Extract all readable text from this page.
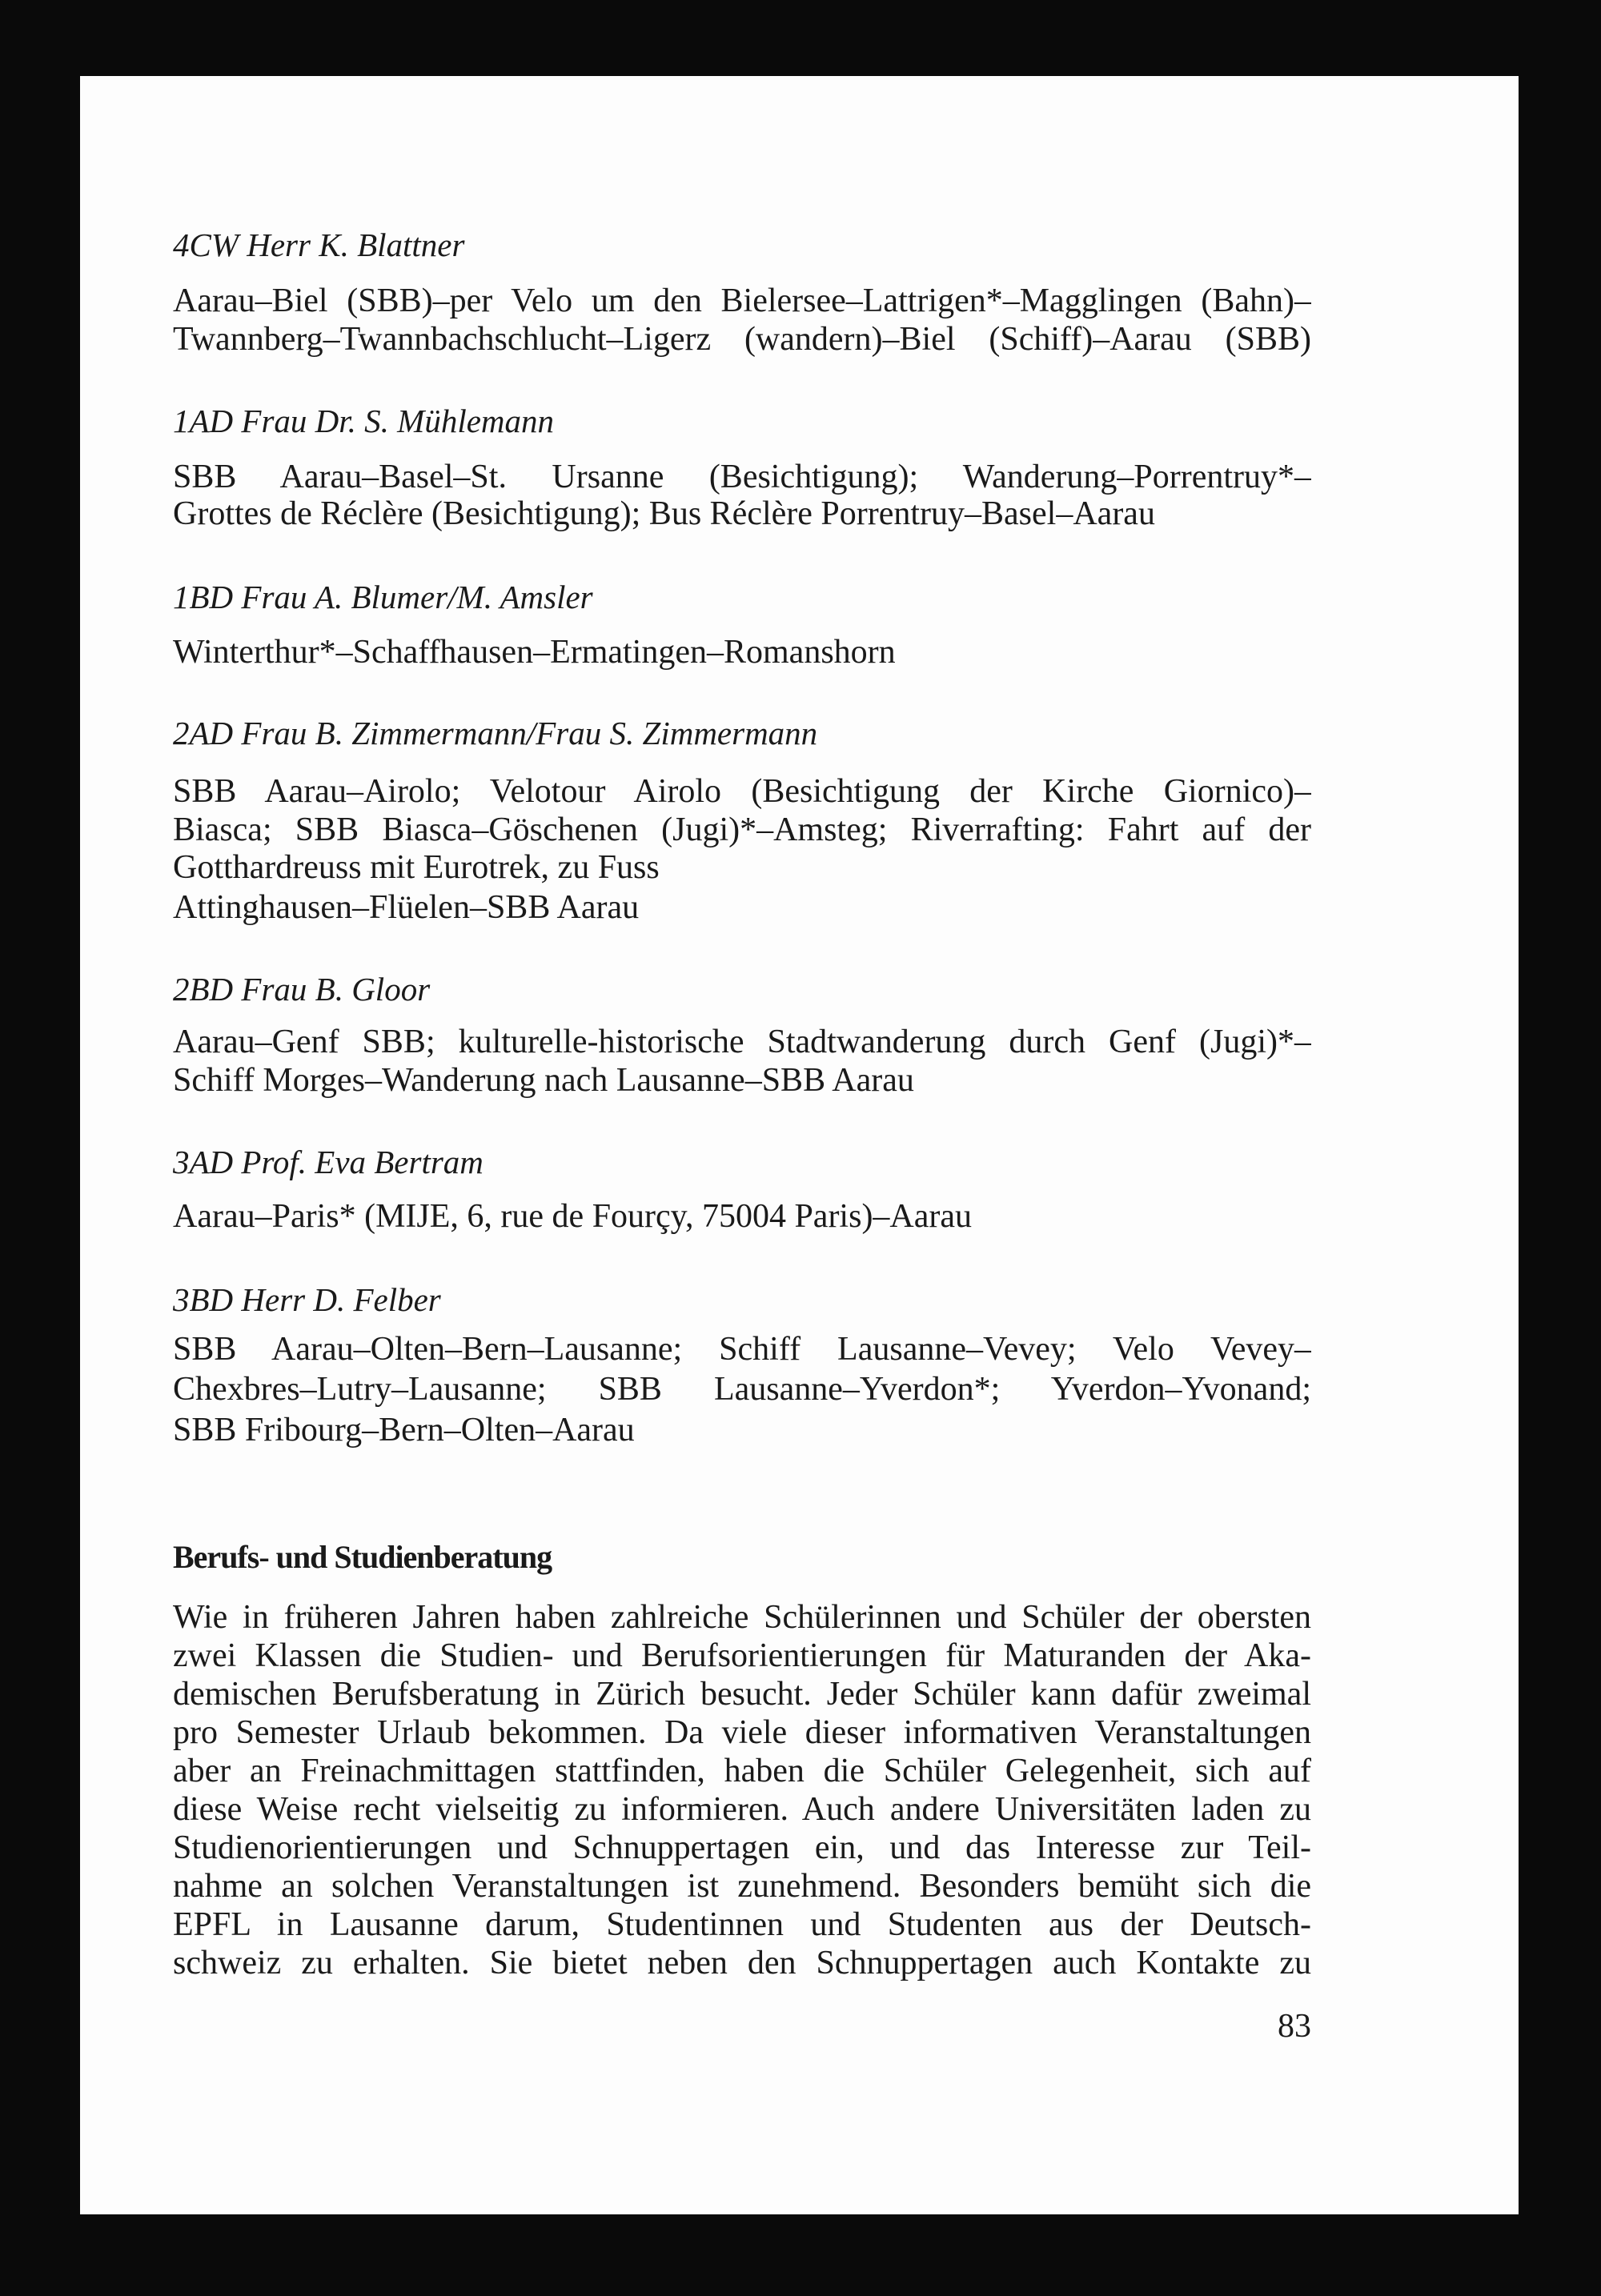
4CW Herr K. Blattner
Aarau–Biel (SBB)–per Velo um den Bielersee–Lattrigen*–Magglingen (Bahn)–
Twannberg–Twannbachschlucht–Ligerz (wandern)–Biel (Schiff)–Aarau (SBB)
1AD Frau Dr. S. Mühlemann
SBB Aarau–Basel–St. Ursanne (Besichtigung); Wanderung–Porrentruy*–
Grottes de Réclère (Besichtigung); Bus Réclère Porrentruy–Basel–Aarau
1BD Frau A. Blumer/M. Amsler
Winterthur*–Schaffhausen–Ermatingen–Romanshorn
2AD Frau B. Zimmermann/Frau S. Zimmermann
SBB Aarau–Airolo; Velotour Airolo (Besichtigung der Kirche Giornico)–
Biasca; SBB Biasca–Göschenen (Jugi)*–Amsteg; Riverrafting: Fahrt auf der
Gotthardreuss mit Eurotrek, zu Fuss
Attinghausen–Flüelen–SBB Aarau
2BD Frau B. Gloor
Aarau–Genf SBB; kulturelle-historische Stadtwanderung durch Genf (Jugi)*–
Schiff Morges–Wanderung nach Lausanne–SBB Aarau
3AD Prof. Eva Bertram
Aarau–Paris* (MIJE, 6, rue de Fourçy, 75004 Paris)–Aarau
3BD Herr D. Felber
SBB Aarau–Olten–Bern–Lausanne; Schiff Lausanne–Vevey; Velo Vevey–
Chexbres–Lutry–Lausanne; SBB Lausanne–Yverdon*; Yverdon–Yvonand;
SBB Fribourg–Bern–Olten–Aarau
Berufs- und Studienberatung
Wie in früheren Jahren haben zahlreiche Schülerinnen und Schüler der obersten
zwei Klassen die Studien- und Berufsorientierungen für Maturanden der Aka-
demischen Berufsberatung in Zürich besucht. Jeder Schüler kann dafür zweimal
pro Semester Urlaub bekommen. Da viele dieser informativen Veranstaltungen
aber an Freinachmittagen stattfinden, haben die Schüler Gelegenheit, sich auf
diese Weise recht vielseitig zu informieren. Auch andere Universitäten laden zu
Studienorientierungen und Schnuppertagen ein, und das Interesse zur Teil-
nahme an solchen Veranstaltungen ist zunehmend. Besonders bemüht sich die
EPFL in Lausanne darum, Studentinnen und Studenten aus der Deutsch-
schweiz zu erhalten. Sie bietet neben den Schnuppertagen auch Kontakte zu
83
